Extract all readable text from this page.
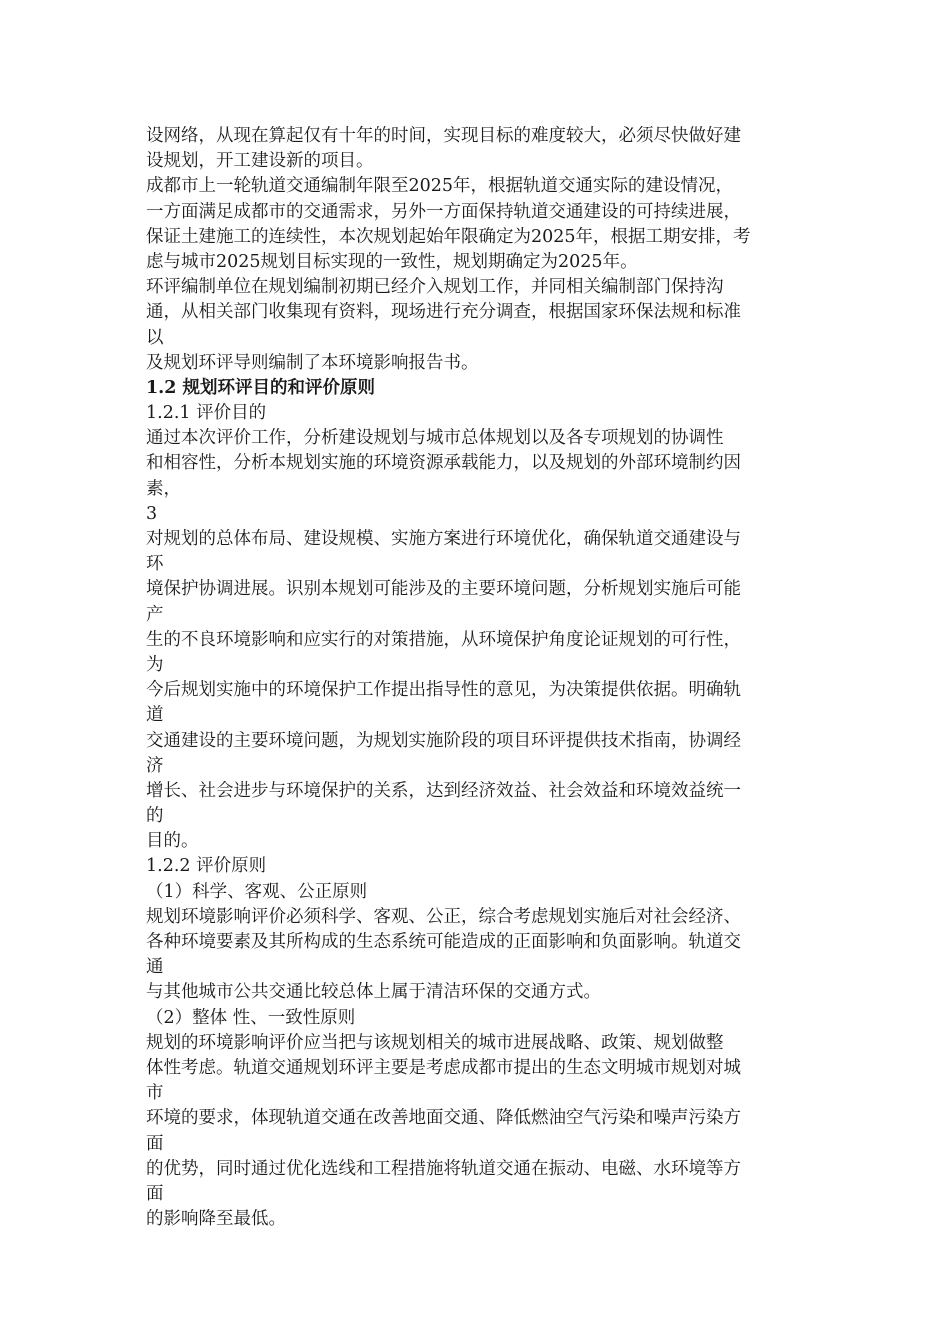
设网络，从现在算起仅有十年的时间，实现目标的难度较大，必须尽快做好建
设规划，开工建设新的项目。
成都市上一轮轨道交通编制年限至2025年，根据轨道交通实际的建设情况，
一方面满足成都市的交通需求，另外一方面保持轨道交通建设的可持续进展，
保证土建施工的连续性，本次规划起始年限确定为2025年，根据工期安排，考
虑与城市2025规划目标实现的一致性，规划期确定为2025年。
环评编制单位在规划编制初期已经介入规划工作，并同相关编制部门保持沟
通，从相关部门收集现有资料，现场进行充分调查，根据国家环保法规和标准
以
及规划环评导则编制了本环境影响报告书。
1.2 规划环评目的和评价原则
1.2.1 评价目的
通过本次评价工作，分析建设规划与城市总体规划以及各专项规划的协调性
和相容性，分析本规划实施的环境资源承载能力，以及规划的外部环境制约因
素，
3
对规划的总体布局、建设规模、实施方案进行环境优化，确保轨道交通建设与
环
境保护协调进展。识别本规划可能涉及的主要环境问题，分析规划实施后可能
产
生的不良环境影响和应实行的对策措施，从环境保护角度论证规划的可行性，
为
今后规划实施中的环境保护工作提出指导性的意见，为决策提供依据。明确轨
道
交通建设的主要环境问题，为规划实施阶段的项目环评提供技术指南，协调经
济
增长、社会进步与环境保护的关系，达到经济效益、社会效益和环境效益统一
的
目的。
1.2.2 评价原则
（1）科学、客观、公正原则
规划环境影响评价必须科学、客观、公正，综合考虑规划实施后对社会经济、
各种环境要素及其所构成的生态系统可能造成的正面影响和负面影响。轨道交
通
与其他城市公共交通比较总体上属于清洁环保的交通方式。
（2）整体 性、一致性原则
规划的环境影响评价应当把与该规划相关的城市进展战略、政策、规划做整
体性考虑。轨道交通规划环评主要是考虑成都市提出的生态文明城市规划对城
市
环境的要求，体现轨道交通在改善地面交通、降低燃油空气污染和噪声污染方
面
的优势，同时通过优化选线和工程措施将轨道交通在振动、电磁、水环境等方
面
的影响降至最低。
